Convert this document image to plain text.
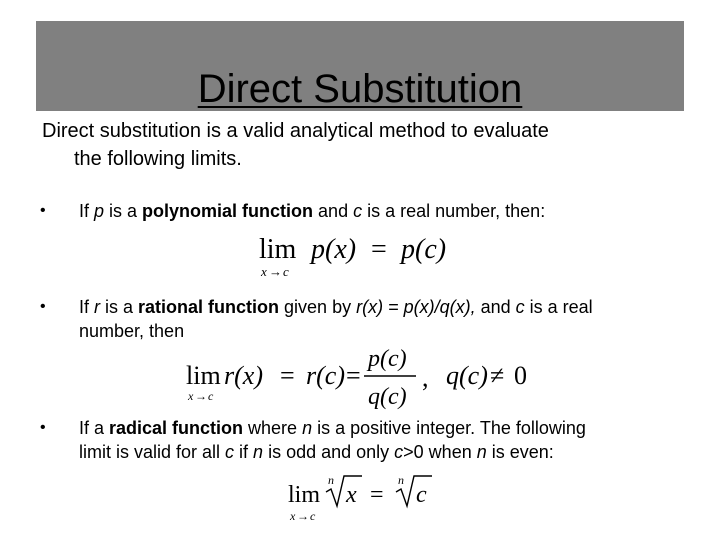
Direct Substitution
Direct substitution is a valid analytical method to evaluate
the following limits.
• If p is a polynomial function and c is a real number, then:
lim
x → c
p(x) = p(c)
• If r is a rational function given by r(x) = p(x)/q(x), and c is a real
number, then
lim
x → c
r(x) = r(c) =
p(c)
q(c)
, q(c) ≠ 0
• If a radical function where n is a positive integer. The following
limit is valid for all c if n is odd and only c>0 when n is even:
lim
x → c
n
x =
n
c
